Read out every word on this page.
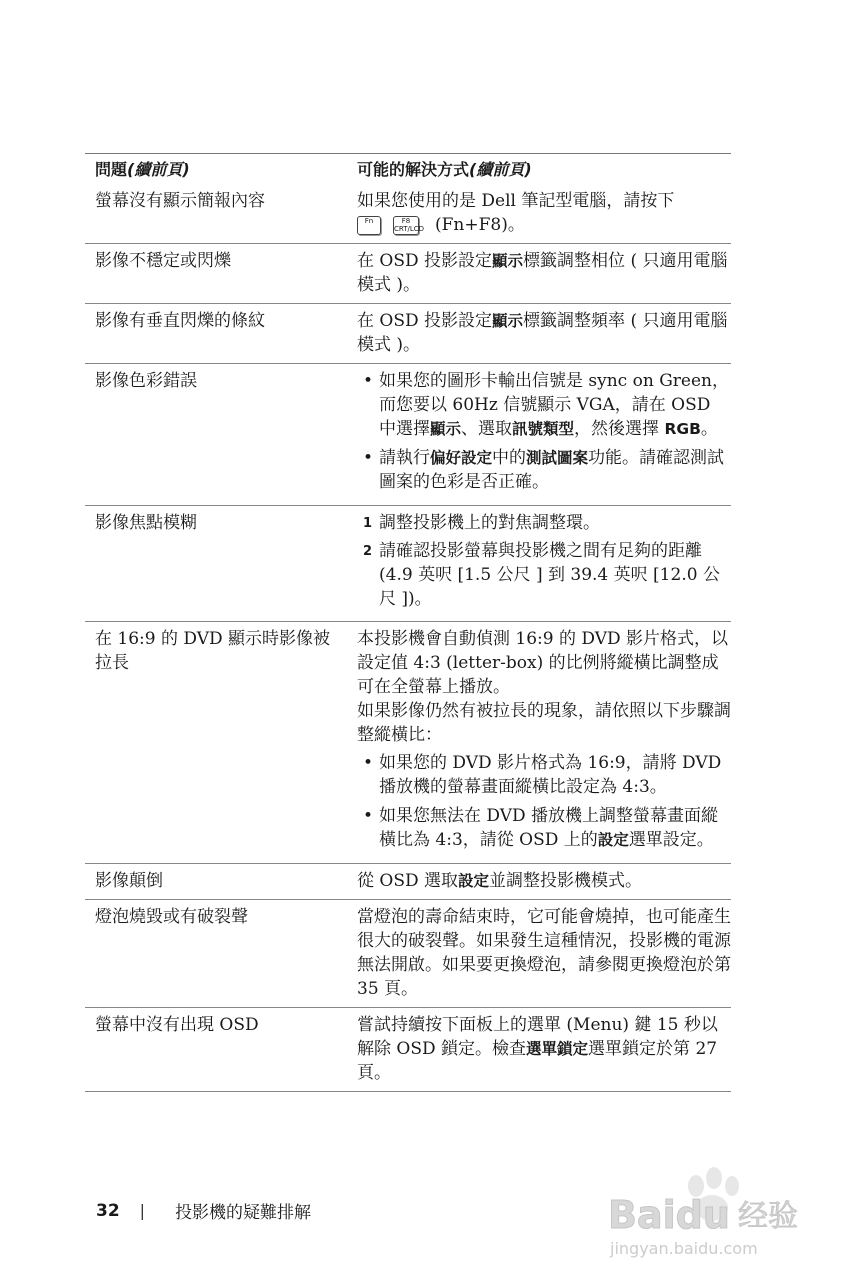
問題(續前頁)	可能的解決方式(續前頁)
螢幕沒有顯示簡報內容	如果您使用的是 Dell 筆記型電腦，請按下
Fn	F8
CRT/LCD (Fn+F8)。
影像不穩定或閃爍	在 OSD 投影設定顯示標籤調整相位 ( 只適用電腦模式 )。
影像有垂直閃爍的條紋	在 OSD 投影設定顯示標籤調整頻率 ( 只適用電腦模式 )。
影像色彩錯誤
•	如果您的圖形卡輸出信號是 sync on Green，而您要以 60Hz 信號顯示 VGA，請在 OSD 中選擇顯示、選取訊號類型，然後選擇 RGB。
• 請執行偏好設定中的測試圖案功能。請確認測試圖案的色彩是否正確。
影像焦點模糊	1 調整投影機上的對焦調整環。
2 請確認投影螢幕與投影機之間有足夠的距離
(4.9 英呎 [1.5 公尺 ] 到 39.4 英呎 [12.0 公尺 ])。
在 16:9 的 DVD 顯示時影像被拉長
本投影機會自動偵測 16:9 的 DVD 影片格式，以設定值 4:3 (letter-box) 的比例將縱橫比調整成可在全螢幕上播放。
如果影像仍然有被拉長的現象，請依照以下步驟調整縱橫比：
• 如果您的 DVD 影片格式為 16:9，請將 DVD 播放機的螢幕畫面縱橫比設定為 4:3。
• 如果您無法在 DVD 播放機上調整螢幕畫面縱橫比為 4:3，請從 OSD 上的設定選單設定。
影像顛倒	從 OSD 選取設定並調整投影機模式。
燈泡燒毀或有破裂聲	當燈泡的壽命結束時，它可能會燒掉，也可能產生很大的破裂聲。如果發生這種情況，投影機的電源無法開啟。如果要更換燈泡，請參閱更換燈泡於第 35 頁。
螢幕中沒有出現 OSD	嘗試持續按下面板上的選單 (Menu) 鍵 15 秒以解除 OSD 鎖定。檢查選單鎖定選單鎖定於第 27 頁。
32 | 投影機的疑難排解	Baidu 经验
jingyan.baidu.com
